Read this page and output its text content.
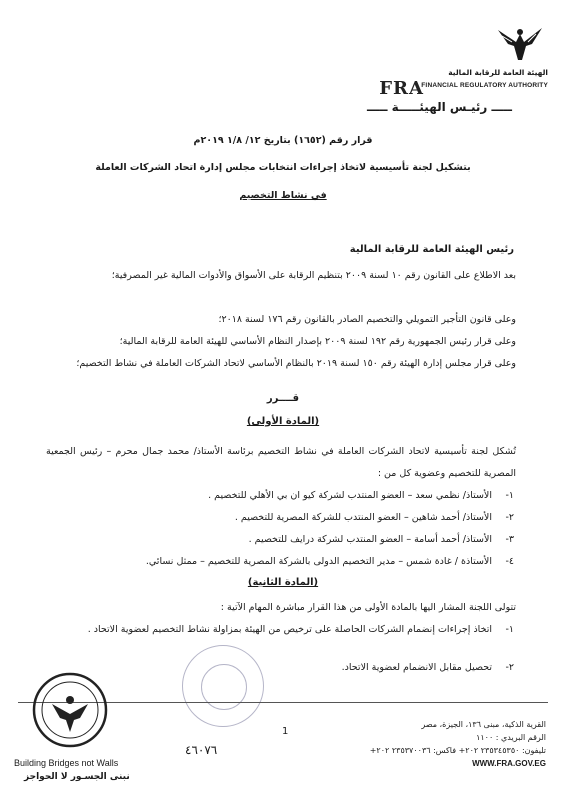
الهيئة العامة للرقابة المالية
FRA
FINANCIAL REGULATORY AUTHORITY
ـــــ رئيـس الهيئـــــة ـــــ
قرار رقم (١٦٥٢) بتاريخ ١٢/ ١/٨ ٢٠١٩م
بتشكيل لجنة تأسيسية لاتخاذ إجراءات انتخابات مجلس إدارة اتحاد الشركات العاملة
في نشاط التخصيم
رئيس الهيئة العامة للرقابة المالية
بعد الاطلاع على القانون رقم ١٠ لسنة ٢٠٠٩ بتنظيم الرقابة على الأسواق والأدوات المالية غير المصرفية؛
وعلى قانون التأجير التمويلي والتخصيم الصادر بالقانون رقم ١٧٦ لسنة ٢٠١٨؛
وعلى قرار رئيس الجمهورية رقم ١٩٢ لسنة ٢٠٠٩ بإصدار النظام الأساسي للهيئة العامة للرقابة المالية؛
وعلى قرار مجلس إدارة الهيئة رقم ١٥٠ لسنة ٢٠١٩ بالنظام الأساسي لاتحاد الشركات العاملة في نشاط التخصيم؛
قــــرر
(المادة الأولى)
تُشكل لجنة تأسيسية لاتحاد الشركات العاملة في نشاط التخصيم برئاسة الأستاذ/ محمد جمال محرم – رئيس الجمعية المصرية للتخصيم وعضوية كل من :
١-الأستاذ/ نظمي سعد – العضو المنتدب لشركة كيو ان بي الأهلي للتخصيم .
٢-الأستاذ/ أحمد شاهين – العضو المنتدب للشركة المصرية للتخصيم .
٣-الأستاذ/ أحمد أسامة – العضو المنتدب لشركة درايف للتخصيم .
٤-الأستاذة / غادة شمس – مدير التخصيم الدولى بالشركة المصرية للتخصيم – ممثل نسائي.
(المادة الثانية)
تتولى اللجنة المشار اليها بالمادة الأولى من هذا القرار مباشرة المهام الآتية :
١-اتخاذ إجراءات إنضمام الشركات الحاصلة على ترخيص من الهيئة بمزاولة نشاط التخصيم لعضوية الاتحاد .
٢-تحصيل مقابل الانضمام لعضوية الاتحاد.
Building Bridges not Walls
نبنى الجسـور لا الحواجز
٤٦٠٧٦
1
القرية الذكية، مبنى ١٣٦، الجيزة، مصر
الرقم البريدي : ١١٠٠
تليفون: ٢٣٥٣٤٥٣٥٠ ٢٠٢+ فاكس: ٢٣٥٣٧٠٠٣٦ ٢٠٢+
WWW.FRA.GOV.EG
